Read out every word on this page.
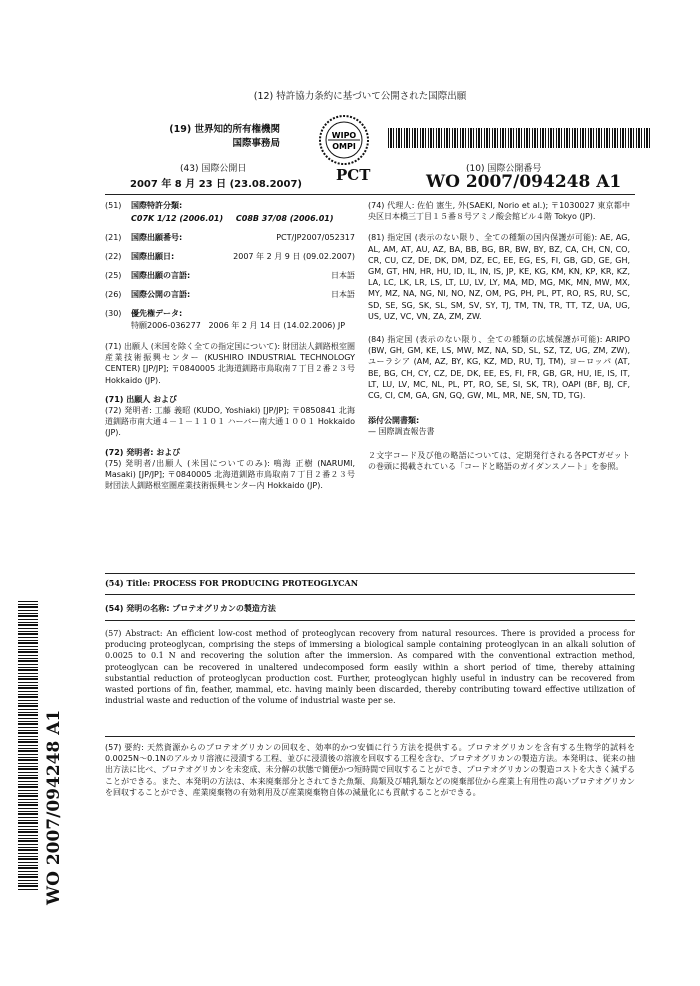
(12) 特許協力条約に基づいて公開された国際出願
(19) 世界知的所有権機関
国際事務局
WIPO
OMPI
(43) 国際公開日
2007 年 8 月 23 日 (23.08.2007)
PCT	(10) 国際公開番号
WO 2007/094248 A1
(51) 国際特許分類:
C07K 1/12 (2006.01) C08B 37/08 (2006.01)
(21) 国際出願番号:	PCT/JP2007/052317
(22) 国際出願日:	2007 年 2 月 9 日 (09.02.2007)
(25) 国際出願の言語:	日本語
(26) 国際公開の言語:	日本語
(30) 優先権データ:
特願2006-036277 2006 年 2 月 14 日 (14.02.2006) JP
(71) 出願人 (米国を除く全ての指定国について): 財団法人釧路根室圏産業技術振興センター (KUSHIRO INDUSTRIAL TECHNOLOGY CENTER) [JP/JP]; 〒0840005 北海道釧路市鳥取南７丁目２番２３号 Hokkaido (JP).
(71) 出願人 および
(72) 発明者: 工藤 義昭 (KUDO, Yoshiaki) [JP/JP]; 〒0850841 北海道釧路市南大通４－１－１１０１ ハーバー南大通１００１ Hokkaido (JP).
(72) 発明者: および
(75) 発明者/出願人 (米国についてのみ): 鳴海 正樹 (NARUMI, Masaki) [JP/JP]; 〒0840005 北海道釧路市鳥取南７丁目２番２３号 財団法人釧路根室圏産業技術振興センター内 Hokkaido (JP).
(74) 代理人: 佐伯 憲生, 外(SAEKI, Norio et al.); 〒1030027 東京都中央区日本橋三丁目１５番８号アミノ酸会館ビル４階 Tokyo (JP).
(81) 指定国 (表示のない限り、全ての種類の国内保護が可能): AE, AG, AL, AM, AT, AU, AZ, BA, BB, BG, BR, BW, BY, BZ, CA, CH, CN, CO, CR, CU, CZ, DE, DK, DM, DZ, EC, EE, EG, ES, FI, GB, GD, GE, GH, GM, GT, HN, HR, HU, ID, IL, IN, IS, JP, KE, KG, KM, KN, KP, KR, KZ, LA, LC, LK, LR, LS, LT, LU, LV, LY, MA, MD, MG, MK, MN, MW, MX, MY, MZ, NA, NG, NI, NO, NZ, OM, PG, PH, PL, PT, RO, RS, RU, SC, SD, SE, SG, SK, SL, SM, SV, SY, TJ, TM, TN, TR, TT, TZ, UA, UG, US, UZ, VC, VN, ZA, ZM, ZW.
(84) 指定国 (表示のない限り、全ての種類の広域保護が可能): ARIPO (BW, GH, GM, KE, LS, MW, MZ, NA, SD, SL, SZ, TZ, UG, ZM, ZW), ユーラシア (AM, AZ, BY, KG, KZ, MD, RU, TJ, TM), ヨーロッパ (AT, BE, BG, CH, CY, CZ, DE, DK, EE, ES, FI, FR, GB, GR, HU, IE, IS, IT, LT, LU, LV, MC, NL, PL, PT, RO, SE, SI, SK, TR), OAPI (BF, BJ, CF, CG, CI, CM, GA, GN, GQ, GW, ML, MR, NE, SN, TD, TG).
添付公開書類:
— 国際調査報告書
２文字コード及び他の略語については、定期発行される各PCTガゼットの巻頭に掲載されている「コードと略語のガイダンスノート」を参照。
(54) Title: PROCESS FOR PRODUCING PROTEOGLYCAN
(54) 発明の名称: プロテオグリカンの製造方法
(57) Abstract: An efficient low-cost method of proteoglycan recovery from natural resources. There is provided a process for producing proteoglycan, comprising the steps of immersing a biological sample containing proteoglycan in an alkali solution of 0.0025 to 0.1 N and recovering the solution after the immersion. As compared with the conventional extraction method, proteoglycan can be recovered in unaltered undecomposed form easily within a short period of time, thereby attaining substantial reduction of proteoglycan production cost. Further, proteoglycan highly useful in industry can be recovered from wasted portions of fin, feather, mammal, etc. having mainly been discarded, thereby contributing toward effective utilization of industrial waste and reduction of the volume of industrial waste per se.
(57) 要約: 天然資源からのプロテオグリカンの回収を、効率的かつ安価に行う方法を提供する。プロテオグリカンを含有する生物学的試料を0.0025N～0.1Nのアルカリ溶液に浸漬する工程、並びに浸漬後の溶液を回収する工程を含む、プロテオグリカンの製造方法。本発明は、従来の抽出方法に比べ、プロテオグリカンを未変成、未分解の状態で簡便かつ短時間で回収することができ、プロテオグリカンの製造コストを大きく減ずることができる。また、本発明の方法は、本来廃棄部分とされてきた魚類、鳥類及び哺乳類などの廃棄部位から産業上有用性の高いプロテオグリカンを回収することができ、産業廃棄物の有効利用及び産業廃棄物自体の減量化にも貢献することができる。
WO 2007/094248 A1
